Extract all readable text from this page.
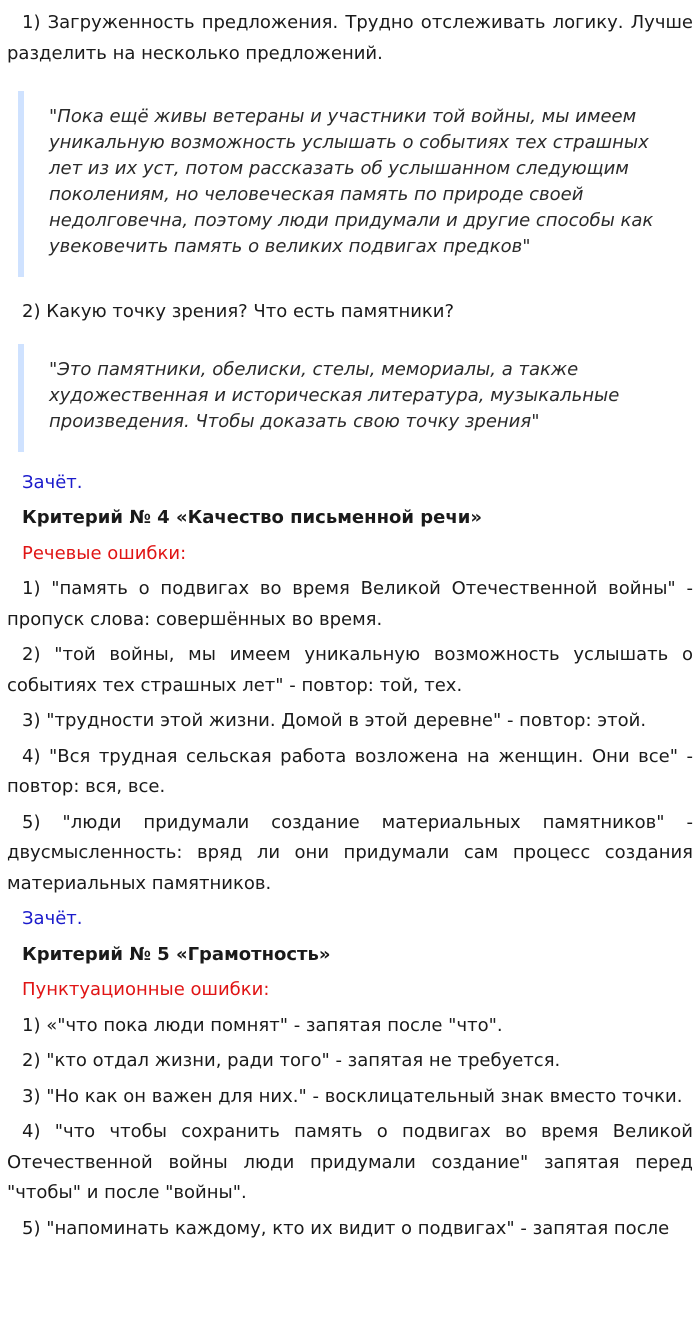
1) Загруженность предложения. Трудно отслеживать логику. Лучше разделить на несколько предложений.

"Пока ещё живы ветераны и участники той войны, мы имеем уникальную возможность услышать о событиях тех страшных лет из их уст, потом рассказать об услышанном следующим поколениям, но человеческая память по природе своей недолговечна, поэтому люди придумали и другие способы как увековечить память о великих подвигах предков"

2) Какую точку зрения? Что есть памятники?

"Это памятники, обелиски, стелы, мемориалы, а также художественная и историческая литература, музыкальные произведения. Чтобы доказать свою точку зрения"

Зачёт.

Критерий № 4 «Качество письменной речи»

Речевые ошибки:

1) "память о подвигах во время Великой Отечественной войны" - пропуск слова: совершённых во время.

2) "той войны, мы имеем уникальную возможность услышать о событиях тех страшных лет" - повтор: той, тех.

3) "трудности этой жизни. Домой в этой деревне" - повтор: этой.

4) "Вся трудная сельская работа возложена на женщин. Они все" - повтор: вся, все.

5) "люди придумали создание материальных памятников" - двусмысленность: вряд ли они придумали сам процесс создания материальных памятников.

Зачёт.

Критерий № 5 «Грамотность»

Пунктуационные ошибки:

1) «"что пока люди помнят" - запятая после "что".

2) "кто отдал жизни, ради того" - запятая не требуется.

3) "Но как он важен для них." - восклицательный знак вместо точки.

4) "что чтобы сохранить память о подвигах во время Великой Отечественной войны люди придумали создание" запятая перед "чтобы" и после "войны".

5) "напоминать каждому, кто их видит о подвигах" - запятая после
